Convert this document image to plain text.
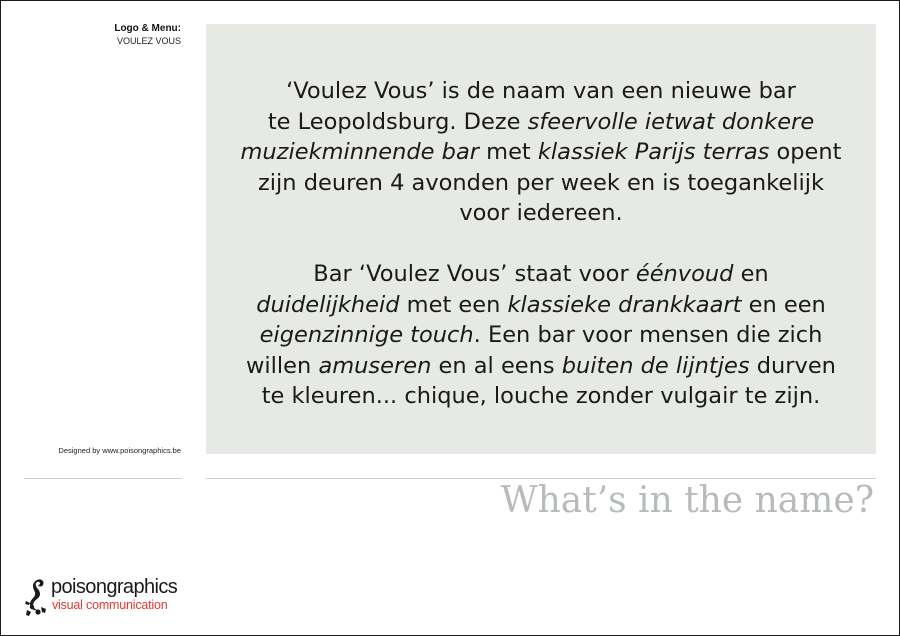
Logo & Menu:
VOULEZ VOUS
‘Voulez Vous’ is de naam van een nieuwe bar
te Leopoldsburg. Deze sfeervolle ietwat donkere
muziekminnende bar met klassiek Parijs terras opent
zijn deuren 4 avonden per week en is toegankelijk
voor iedereen.
Bar ‘Voulez Vous’ staat voor éénvoud en
duidelijkheid met een klassieke drankkaart en een
eigenzinnige touch. Een bar voor mensen die zich
willen amuseren en al eens buiten de lijntjes durven
te kleuren... chique, louche zonder vulgair te zijn.
Designed by www.poisongraphics.be
What’s in the name?
poisongraphics
visual communication
